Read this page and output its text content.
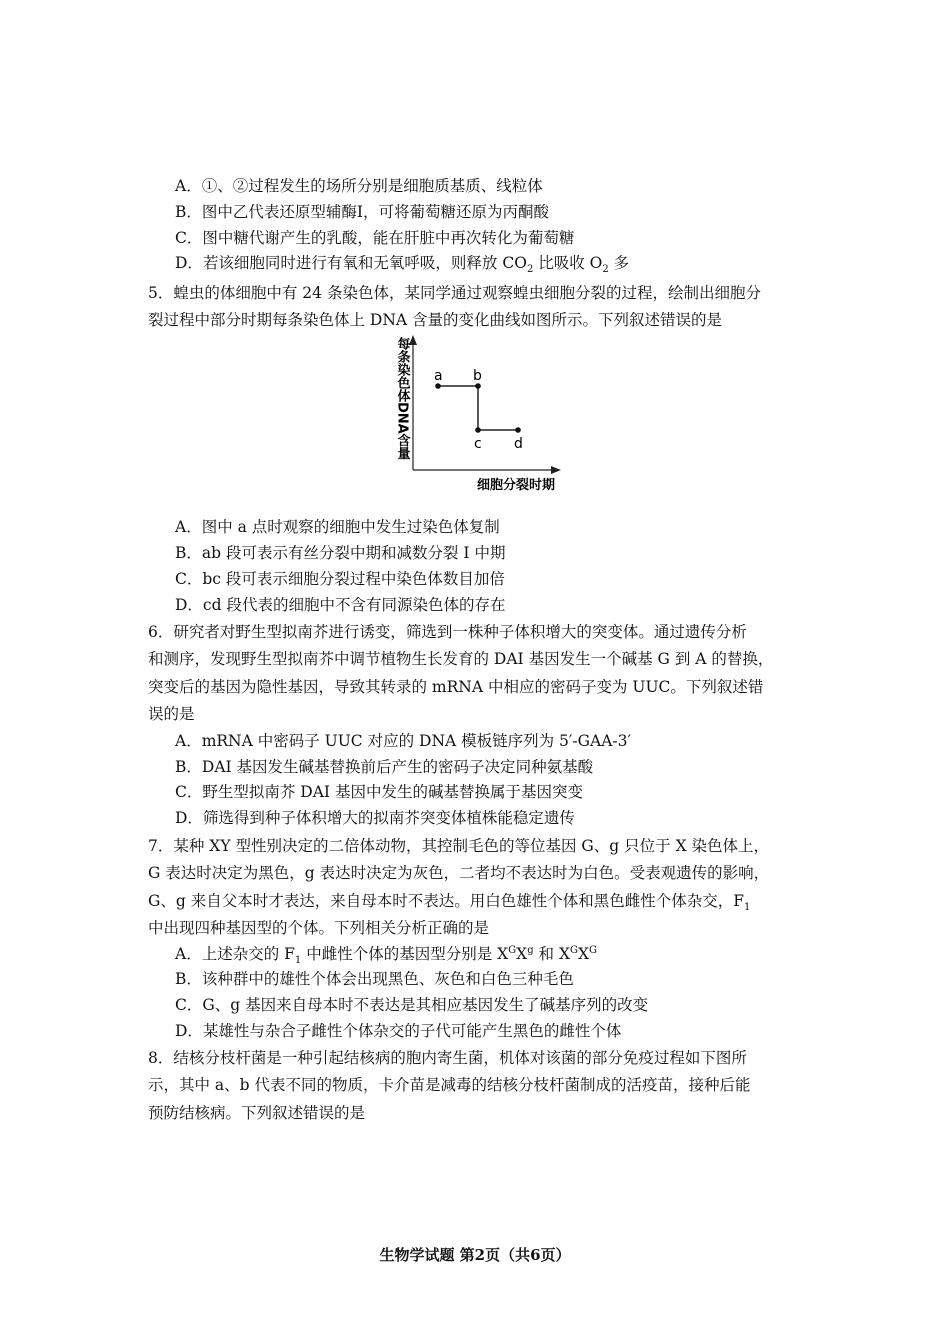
A．①、②过程发生的场所分别是细胞质基质、线粒体
B．图中乙代表还原型辅酶I，可将葡萄糖还原为丙酮酸
C．图中糖代谢产生的乳酸，能在肝脏中再次转化为葡萄糖
D．若该细胞同时进行有氧和无氧呼吸，则释放 $CO_2$ 比吸收 $O_2$ 多
5．蝗虫的体细胞中有 24 条染色体，某同学通过观察蝗虫细胞分裂的过程，绘制出细胞分
裂过程中部分时期每条染色体上 DNA 含量的变化曲线如图所示。下列叙述错误的是
每条染色体DNA含量
细胞分裂时期
a b
c d
A．图中 a 点时观察的细胞中发生过染色体复制
B．ab 段可表示有丝分裂中期和减数分裂 Ⅰ 中期
C．bc 段可表示细胞分裂过程中染色体数目加倍
D．cd 段代表的细胞中不含有同源染色体的存在
6．研究者对野生型拟南芥进行诱变，筛选到一株种子体积增大的突变体。通过遗传分析
和测序，发现野生型拟南芥中调节植物生长发育的 DAI 基因发生一个碱基 G 到 A 的替换，
突变后的基因为隐性基因，导致其转录的 mRNA 中相应的密码子变为 UUC。下列叙述错
误的是
A．mRNA 中密码子 UUC 对应的 DNA 模板链序列为 5′-GAA-3′
B．DAI 基因发生碱基替换前后产生的密码子决定同种氨基酸
C．野生型拟南芥 DAI 基因中发生的碱基替换属于基因突变
D．筛选得到种子体积增大的拟南芥突变体植株能稳定遗传
7．某种 XY 型性别决定的二倍体动物，其控制毛色的等位基因 G、g 只位于 X 染色体上，
G 表达时决定为黑色，g 表达时决定为灰色，二者均不表达时为白色。受表观遗传的影响，
G、g 来自父本时才表达，来自母本时不表达。用白色雄性个体和黑色雌性个体杂交，$F_1$
中出现四种基因型的个体。下列相关分析正确的是
A．上述杂交的 $F_1$ 中雌性个体的基因型分别是 $X^GX^g$ 和 $X^GX^G$
B．该种群中的雄性个体会出现黑色、灰色和白色三种毛色
C．G、g 基因来自母本时不表达是其相应基因发生了碱基序列的改变
D．某雄性与杂合子雌性个体杂交的子代可能产生黑色的雌性个体
8．结核分枝杆菌是一种引起结核病的胞内寄生菌，机体对该菌的部分免疫过程如下图所
示，其中 a、b 代表不同的物质，卡介苗是减毒的结核分枝杆菌制成的活疫苗，接种后能
预防结核病。下列叙述错误的是
生物学试题 第2页（共6页）
